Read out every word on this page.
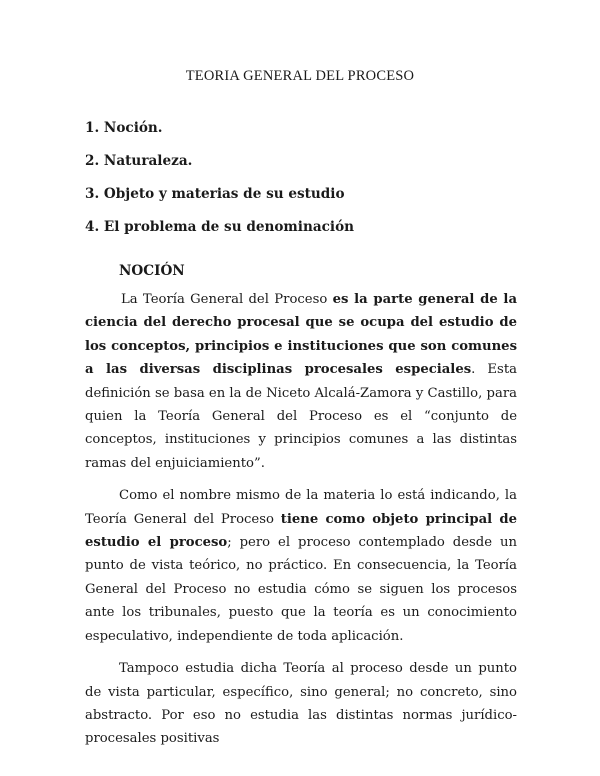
TEORIA GENERAL DEL PROCESO
1. Noción.
2. Naturaleza.
3. Objeto y materias de su estudio
4. El problema de su denominación
NOCIÓN

La Teoría General del Proceso es la parte general de la ciencia del derecho procesal que se ocupa del estudio de los conceptos, principios e instituciones que son comunes a las diversas disciplinas procesales especiales. Esta definición se basa en la de Niceto Alcalá-Zamora y Castillo, para quien la Teoría General del Proceso es el “conjunto de conceptos, instituciones y principios comunes a las distintas ramas del enjuiciamiento”.

Como el nombre mismo de la materia lo está indicando, la Teoría General del Proceso tiene como objeto principal de estudio el proceso; pero el proceso contemplado desde un punto de vista teórico, no práctico. En consecuencia, la Teoría General del Proceso no estudia cómo se siguen los procesos ante los tribunales, puesto que la teoría es un conocimiento especulativo, independiente de toda aplicación.

Tampoco estudia dicha Teoría al proceso desde un punto de vista particular, específico, sino general; no concreto, sino abstracto. Por eso no estudia las distintas normas jurídico-procesales positivas
